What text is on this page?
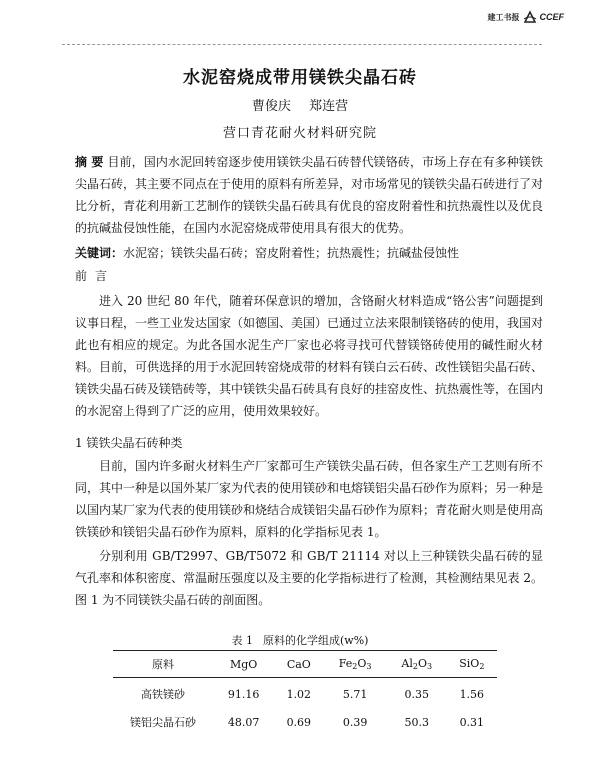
建工书报 CCEF
水泥窑烧成带用镁铁尖晶石砖
曹俊庆 郑连营
营口青花耐火材料研究院

摘 要 目前，国内水泥回转窑逐步使用镁铁尖晶石砖替代镁铬砖，市场上存在有多种镁铁尖晶石砖，其主要不同点在于使用的原料有所差异，对市场常见的镁铁尖晶石砖进行了对比分析，青花利用新工艺制作的镁铁尖晶石砖具有优良的窑皮附着性和抗热震性以及优良的抗碱盐侵蚀性能，在国内水泥窑烧成带使用具有很大的优势。

关键词：水泥窑；镁铁尖晶石砖；窑皮附着性；抗热震性；抗碱盐侵蚀性

前言

进入 20 世纪 80 年代，随着环保意识的增加，含铬耐火材料造成“铬公害”问题提到议事日程，一些工业发达国家（如德国、美国）已通过立法来限制镁铬砖的使用，我国对此也有相应的规定。为此各国水泥生产厂家也必将寻找可代替镁铬砖使用的碱性耐火材料。目前，可供选择的用于水泥回转窑烧成带的材料有镁白云石砖、改性镁铝尖晶石砖、镁铁尖晶石砖及镁锆砖等，其中镁铁尖晶石砖具有良好的挂窑皮性、抗热震性等，在国内的水泥窑上得到了广泛的应用，使用效果较好。

1 镁铁尖晶石砖种类

目前，国内许多耐火材料生产厂家都可生产镁铁尖晶石砖，但各家生产工艺则有所不同，其中一种是以国外某厂家为代表的使用镁砂和电熔镁铝尖晶石砂作为原料；另一种是以国内某厂家为代表的使用镁砂和烧结合成镁铝尖晶石砂作为原料；青花耐火则是使用高铁镁砂和镁铝尖晶石砂作为原料，原料的化学指标见表 1。

分别利用 GB/T2997、GB/T5072 和 GB/T 21114 对以上三种镁铁尖晶石砖的显气孔率和体积密度、常温耐压强度以及主要的化学指标进行了检测，其检测结果见表 2。图 1 为不同镁铁尖晶石砖的剖面图。

表 1 原料的化学组成(w%)
原料	MgO	CaO	$Fe_2O_3$	$Al_2O_3$	SiO$_2$
高铁镁砂	91.16	1.02	5.71	0.35	1.56
镁铝尖晶石砂	48.07	0.69	0.39	50.3	0.31
